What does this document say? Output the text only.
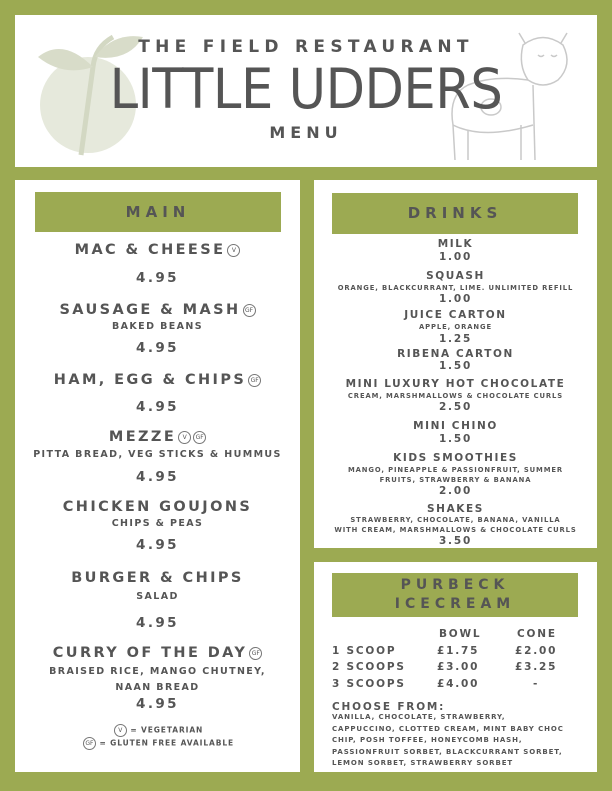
THE FIELD RESTAURANT
LITTLE UDDERS
MENU
MAIN
MAC & CHEESE V
4.95
SAUSAGE & MASH GF
BAKED BEANS
4.95
HAM, EGG & CHIPS GF
4.95
MEZZE V GF
PITTA BREAD, VEG STICKS & HUMMUS
4.95
CHICKEN GOUJONS
CHIPS & PEAS
4.95
BURGER & CHIPS
SALAD
4.95
CURRY OF THE DAY GF
BRAISED RICE, MANGO CHUTNEY,
NAAN BREAD
4.95
V = VEGETARIAN
GF = GLUTEN FREE AVAILABLE
DRINKS
MILK
1.00
SQUASH
ORANGE, BLACKCURRANT, LIME. UNLIMITED REFILL
1.00
JUICE CARTON
APPLE, ORANGE
1.25
RIBENA CARTON
1.50
MINI LUXURY HOT CHOCOLATE
CREAM, MARSHMALLOWS & CHOCOLATE CURLS
2.50
MINI CHINO
1.50
KIDS SMOOTHIES
MANGO, PINEAPPLE & PASSIONFRUIT, SUMMER
FRUITS, STRAWBERRY & BANANA
2.00
SHAKES
STRAWBERRY, CHOCOLATE, BANANA, VANILLA
WITH CREAM, MARSHMALLOWS & CHOCOLATE CURLS
3.50
PURBECK
ICECREAM
BOWL	CONE
1 SCOOP	£1.75	£2.00
2 SCOOPS	£3.00	£3.25
3 SCOOPS	£4.00	-
CHOOSE FROM:
VANILLA, CHOCOLATE, STRAWBERRY,
CAPPUCCINO, CLOTTED CREAM, MINT BABY CHOC
CHIP, POSH TOFFEE, HONEYCOMB HASH,
PASSIONFRUIT SORBET, BLACKCURRANT SORBET,
LEMON SORBET, STRAWBERRY SORBET
